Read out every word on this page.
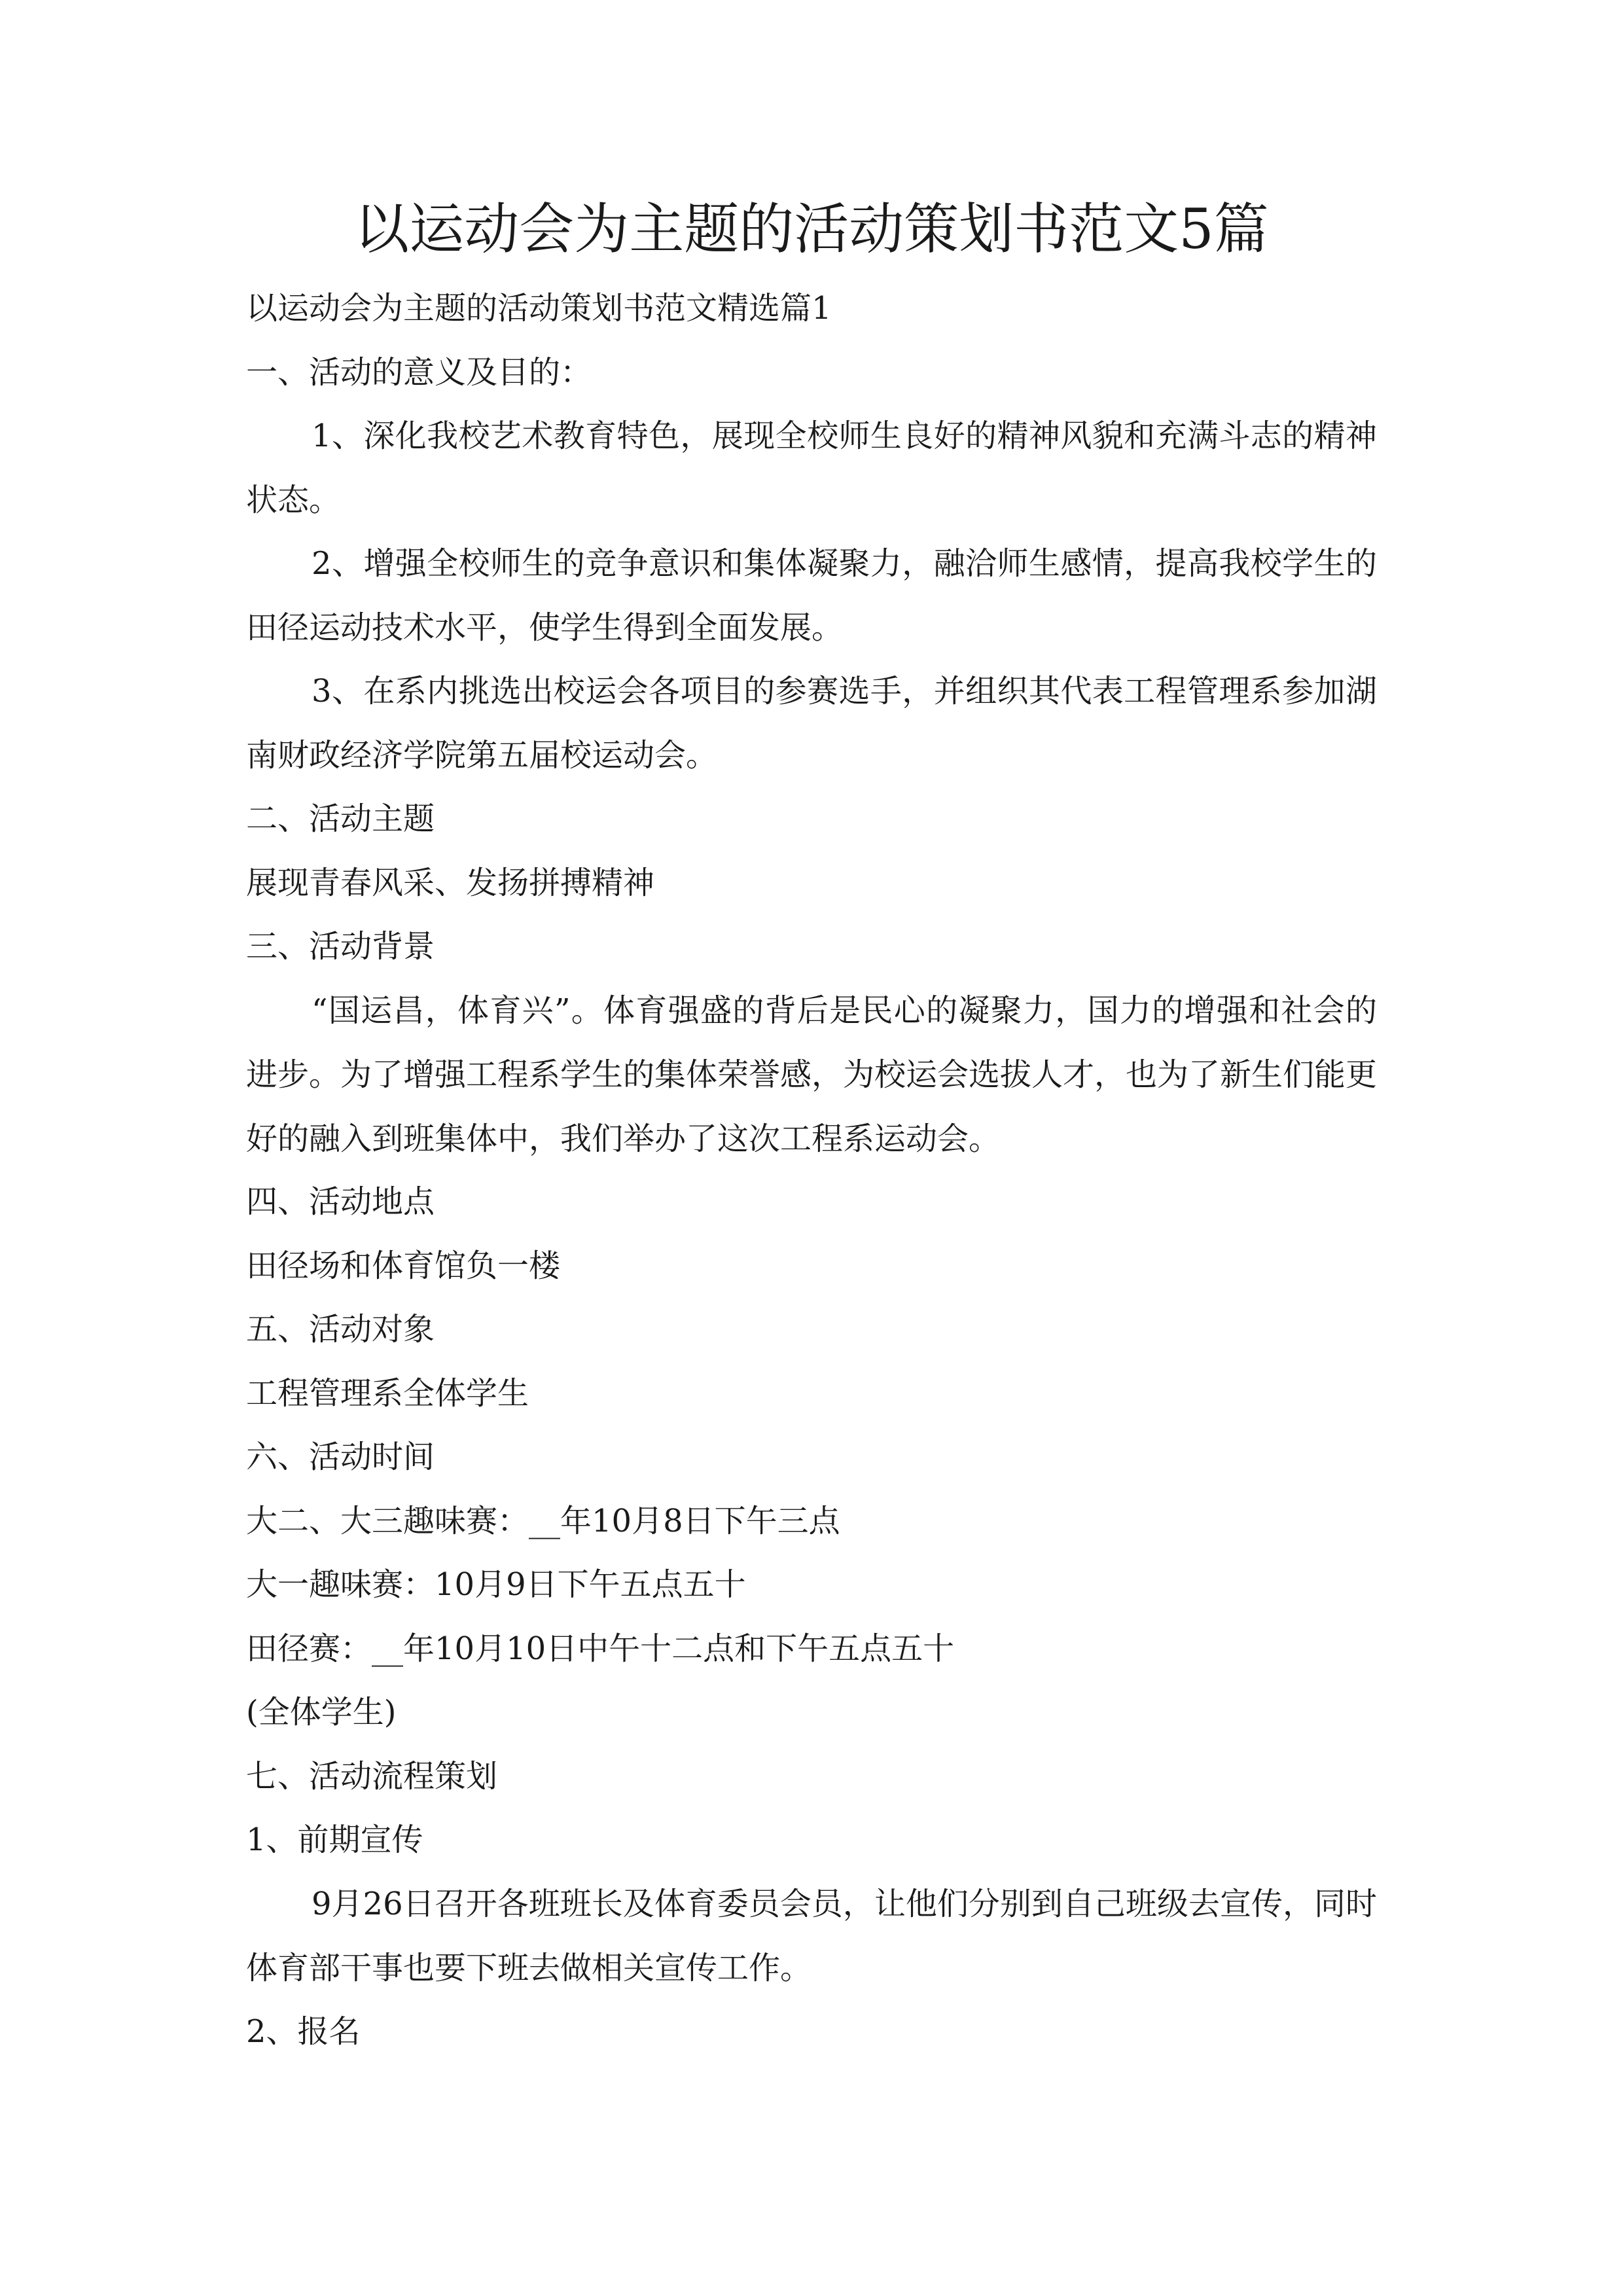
以运动会为主题的活动策划书范文5篇

以运动会为主题的活动策划书范文精选篇1

一、活动的意义及目的：

1、深化我校艺术教育特色，展现全校师生良好的精神风貌和充满斗志的精神状态。

2、增强全校师生的竞争意识和集体凝聚力，融洽师生感情，提高我校学生的田径运动技术水平，使学生得到全面发展。

3、在系内挑选出校运会各项目的参赛选手，并组织其代表工程管理系参加湖南财政经济学院第五届校运动会。

二、活动主题

展现青春风采、发扬拼搏精神

三、活动背景

“国运昌，体育兴”。体育强盛的背后是民心的凝聚力，国力的增强和社会的进步。为了增强工程系学生的集体荣誉感，为校运会选拔人才，也为了新生们能更好的融入到班集体中，我们举办了这次工程系运动会。

四、活动地点

田径场和体育馆负一楼

五、活动对象

工程管理系全体学生

六、活动时间

大二、大三趣味赛：__年10月8日下午三点

大一趣味赛：10月9日下午五点五十

田径赛：__年10月10日中午十二点和下午五点五十

(全体学生)

七、活动流程策划

1、前期宣传

9月26日召开各班班长及体育委员会员，让他们分别到自己班级去宣传，同时体育部干事也要下班去做相关宣传工作。

2、报名
